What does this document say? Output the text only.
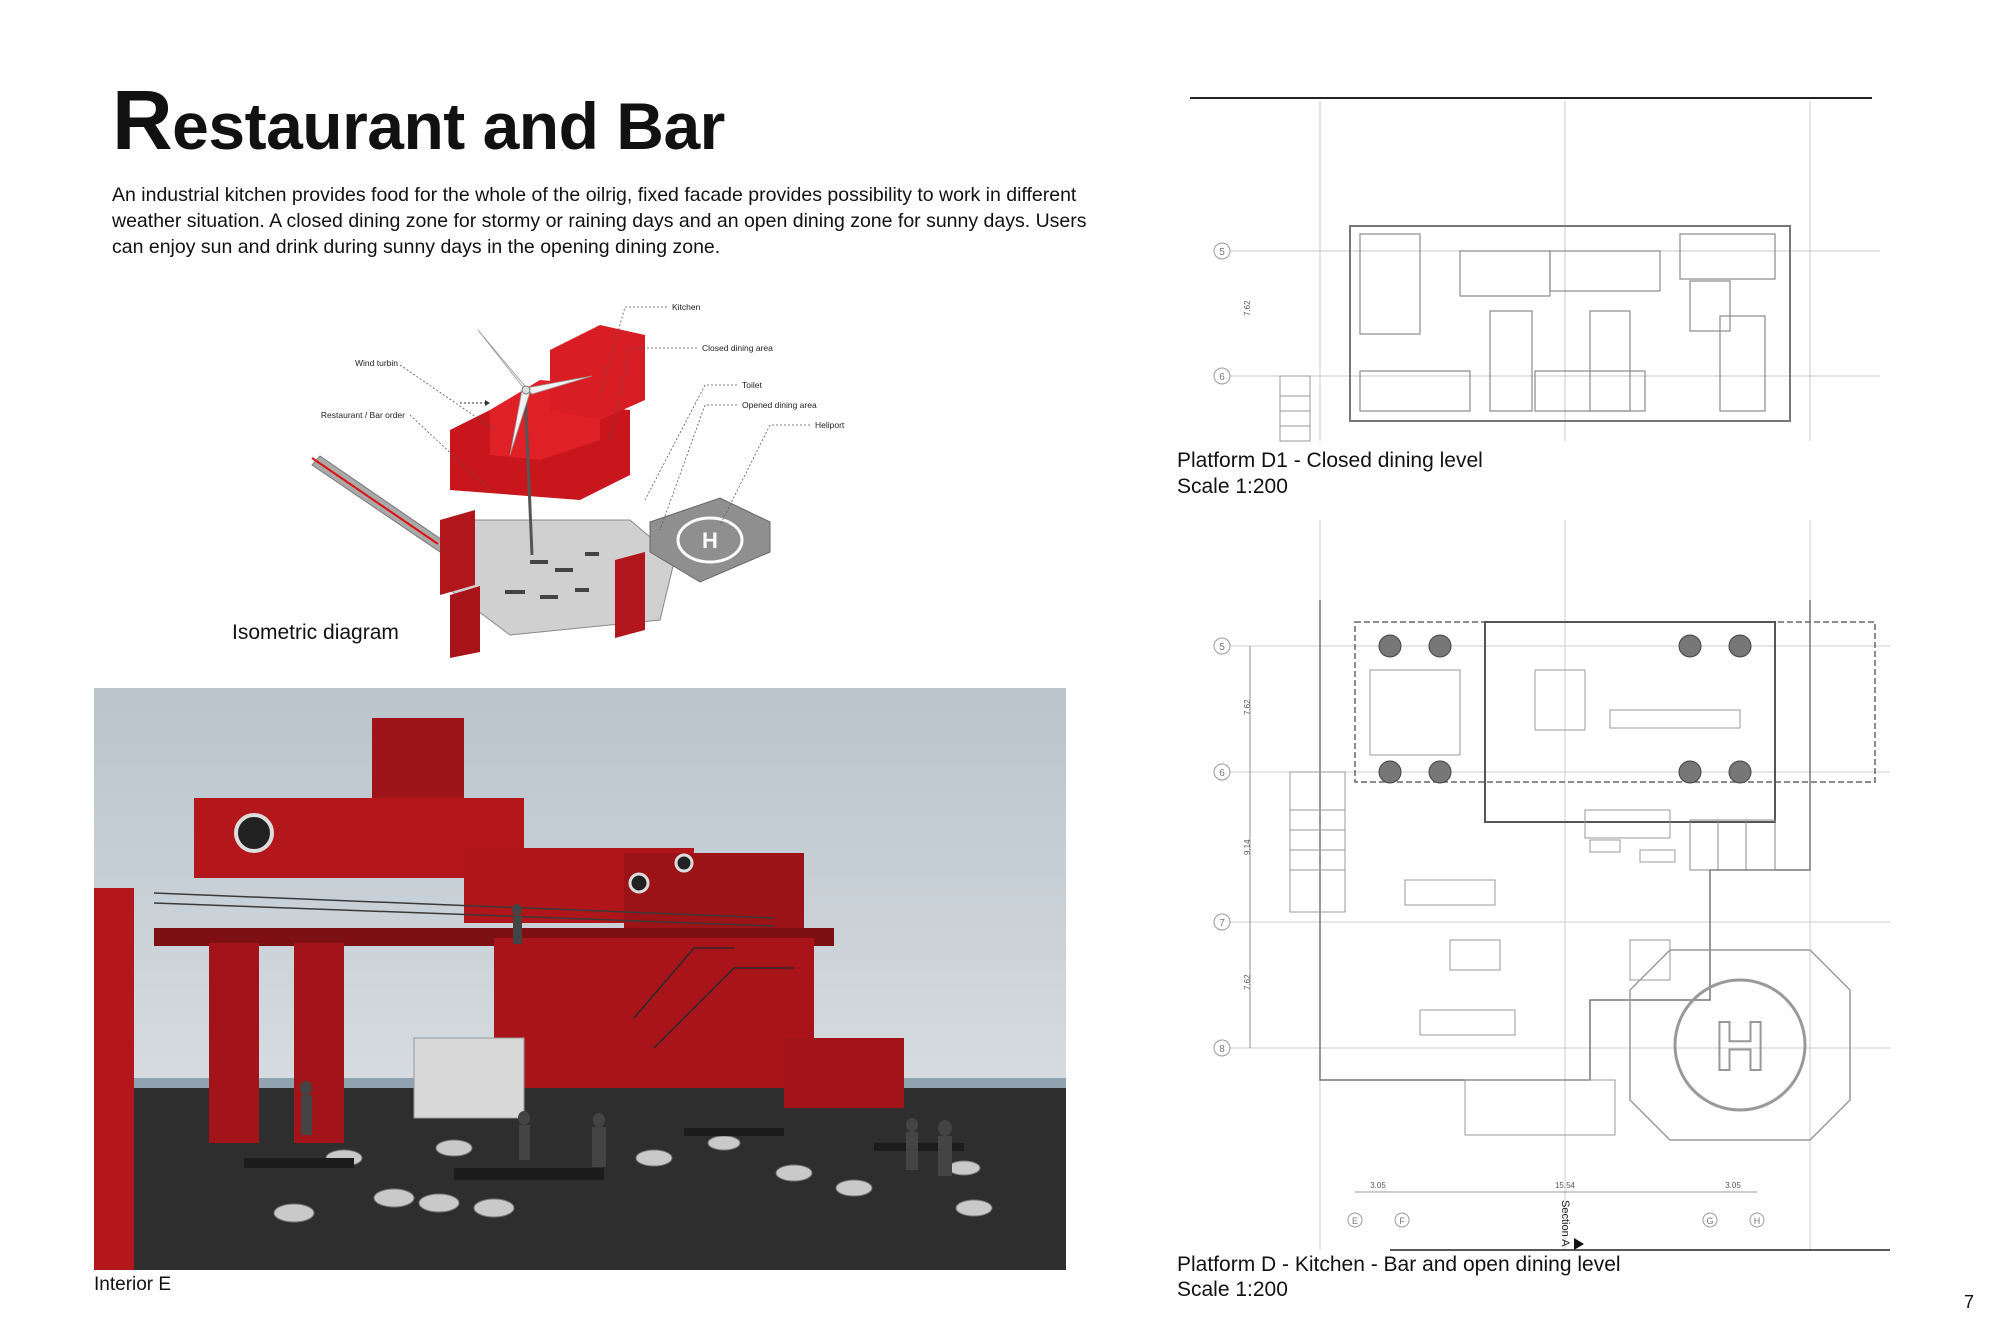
Restaurant and Bar
An industrial kitchen provides food for the whole of the oilrig, fixed facade provides possibility to work in different weather situation. A closed dining zone for stormy or raining days and an open dining zone for sunny days. Users can enjoy sun and drink during sunny days in the opening dining zone.
H
Kitchen
Closed dining area
Toilet
Opened dining area
Heliport
Wind turbin
Restaurant / Bar order
Isometric diagram
Interior E
5
6
7.62
Platform D1 - Closed dining level
Scale 1:200
H
5
6
7
8
E	F	G	H
7.62
9.14
7.62
3.05	15.54	3.05
Section A
Platform D - Kitchen - Bar and open dining level
Scale 1:200
7
